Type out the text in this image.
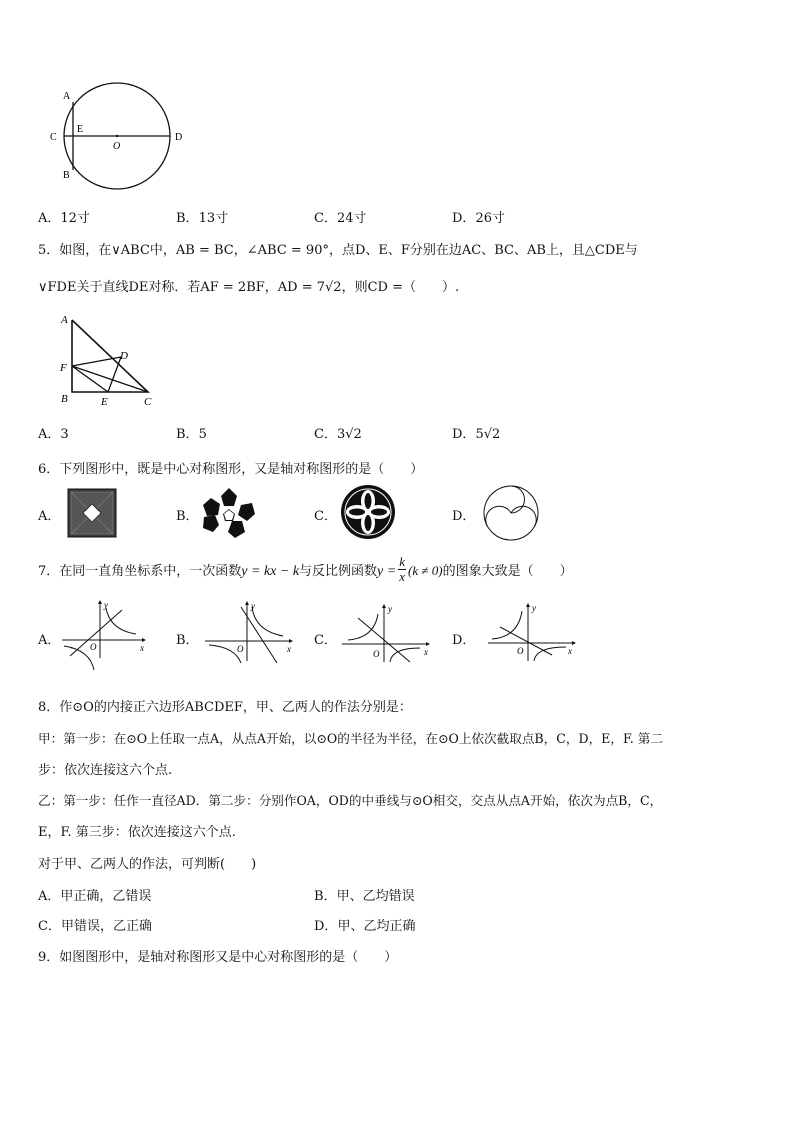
A
B
C	D
E
O
A．12寸	B．13寸	C．24寸	D．26寸
5．如图，在∨ABC中，AB = BC，∠ABC = 90°，点D、E、F分别在边AC、BC、AB上，且△CDE与
∨FDE关于直线DE对称．若AF = 2BF，AD = 7√2，则CD =（　　）.
A
B	C
D
E
F
A．3	B．5	C．3√2	D．5√2
6．下列图形中，既是中心对称图形，又是轴对称图形的是（　　）
A．	B．	C．	D．
7．在同一直角坐标系中，一次函数y = kx − k与反比例函数$y = \frac{k}{x} (k \ne 0)$的图象大致是（　　）
A．
y
x
O	B．
y
x
O
C．
y
x
O
D．
y
x
O
8．作⊙O的内接正六边形ABCDEF，甲、乙两人的作法分别是：
甲：第一步：在⊙O上任取一点A，从点A开始，以⊙O的半径为半径，在⊙O上依次截取点B，C，D，E，F. 第二
步：依次连接这六个点.
乙：第一步：任作一直径AD．第二步：分别作OA，OD的中垂线与⊙O相交，交点从点A开始，依次为点B，C，
E，F. 第三步：依次连接这六个点.
对于甲、乙两人的作法，可判断(　　)
A．甲正确，乙错误	B．甲、乙均错误
C．甲错误，乙正确	D．甲、乙均正确
9．如图图形中，是轴对称图形又是中心对称图形的是（　　）
